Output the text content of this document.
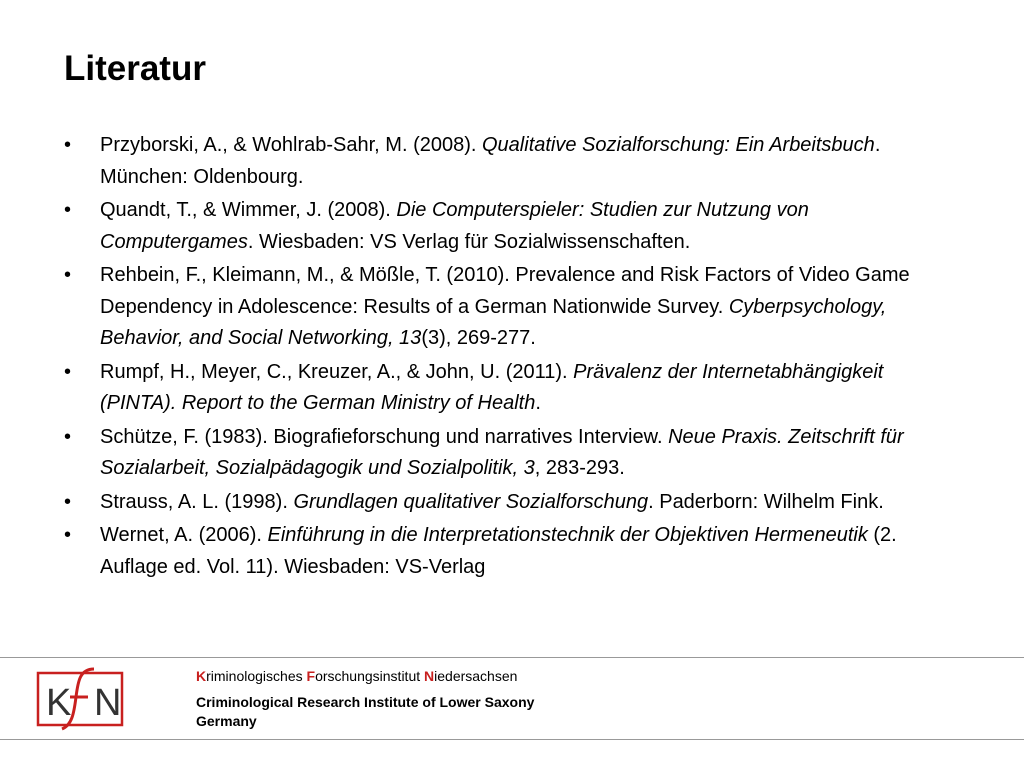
Literatur
• Przyborski, A., & Wohlrab-Sahr, M. (2008). Qualitative Sozialforschung: Ein Arbeitsbuch. München: Oldenbourg.
• Quandt, T., & Wimmer, J. (2008). Die Computerspieler: Studien zur Nutzung von Computergames. Wiesbaden: VS Verlag für Sozialwissenschaften.
• Rehbein, F., Kleimann, M., & Mößle, T. (2010). Prevalence and Risk Factors of Video Game Dependency in Adolescence: Results of a German Nationwide Survey. Cyberpsychology, Behavior, and Social Networking, 13(3), 269-277.
• Rumpf, H., Meyer, C., Kreuzer, A., & John, U. (2011). Prävalenz der Internetabhängigkeit (PINTA). Report to the German Ministry of Health.
• Schütze, F. (1983). Biografieforschung und narratives Interview. Neue Praxis. Zeitschrift für Sozialarbeit, Sozialpädagogik und Sozialpolitik, 3, 283-293.
• Strauss, A. L. (1998). Grundlagen qualitativer Sozialforschung. Paderborn: Wilhelm Fink.
• Wernet, A. (2006). Einführung in die Interpretationstechnik der Objektiven Hermeneutik (2. Auflage ed. Vol. 11). Wiesbaden: VS-Verlag
K N
Kriminologisches Forschungsinstitut Niedersachsen
Criminological Research Institute of Lower Saxony
Germany
